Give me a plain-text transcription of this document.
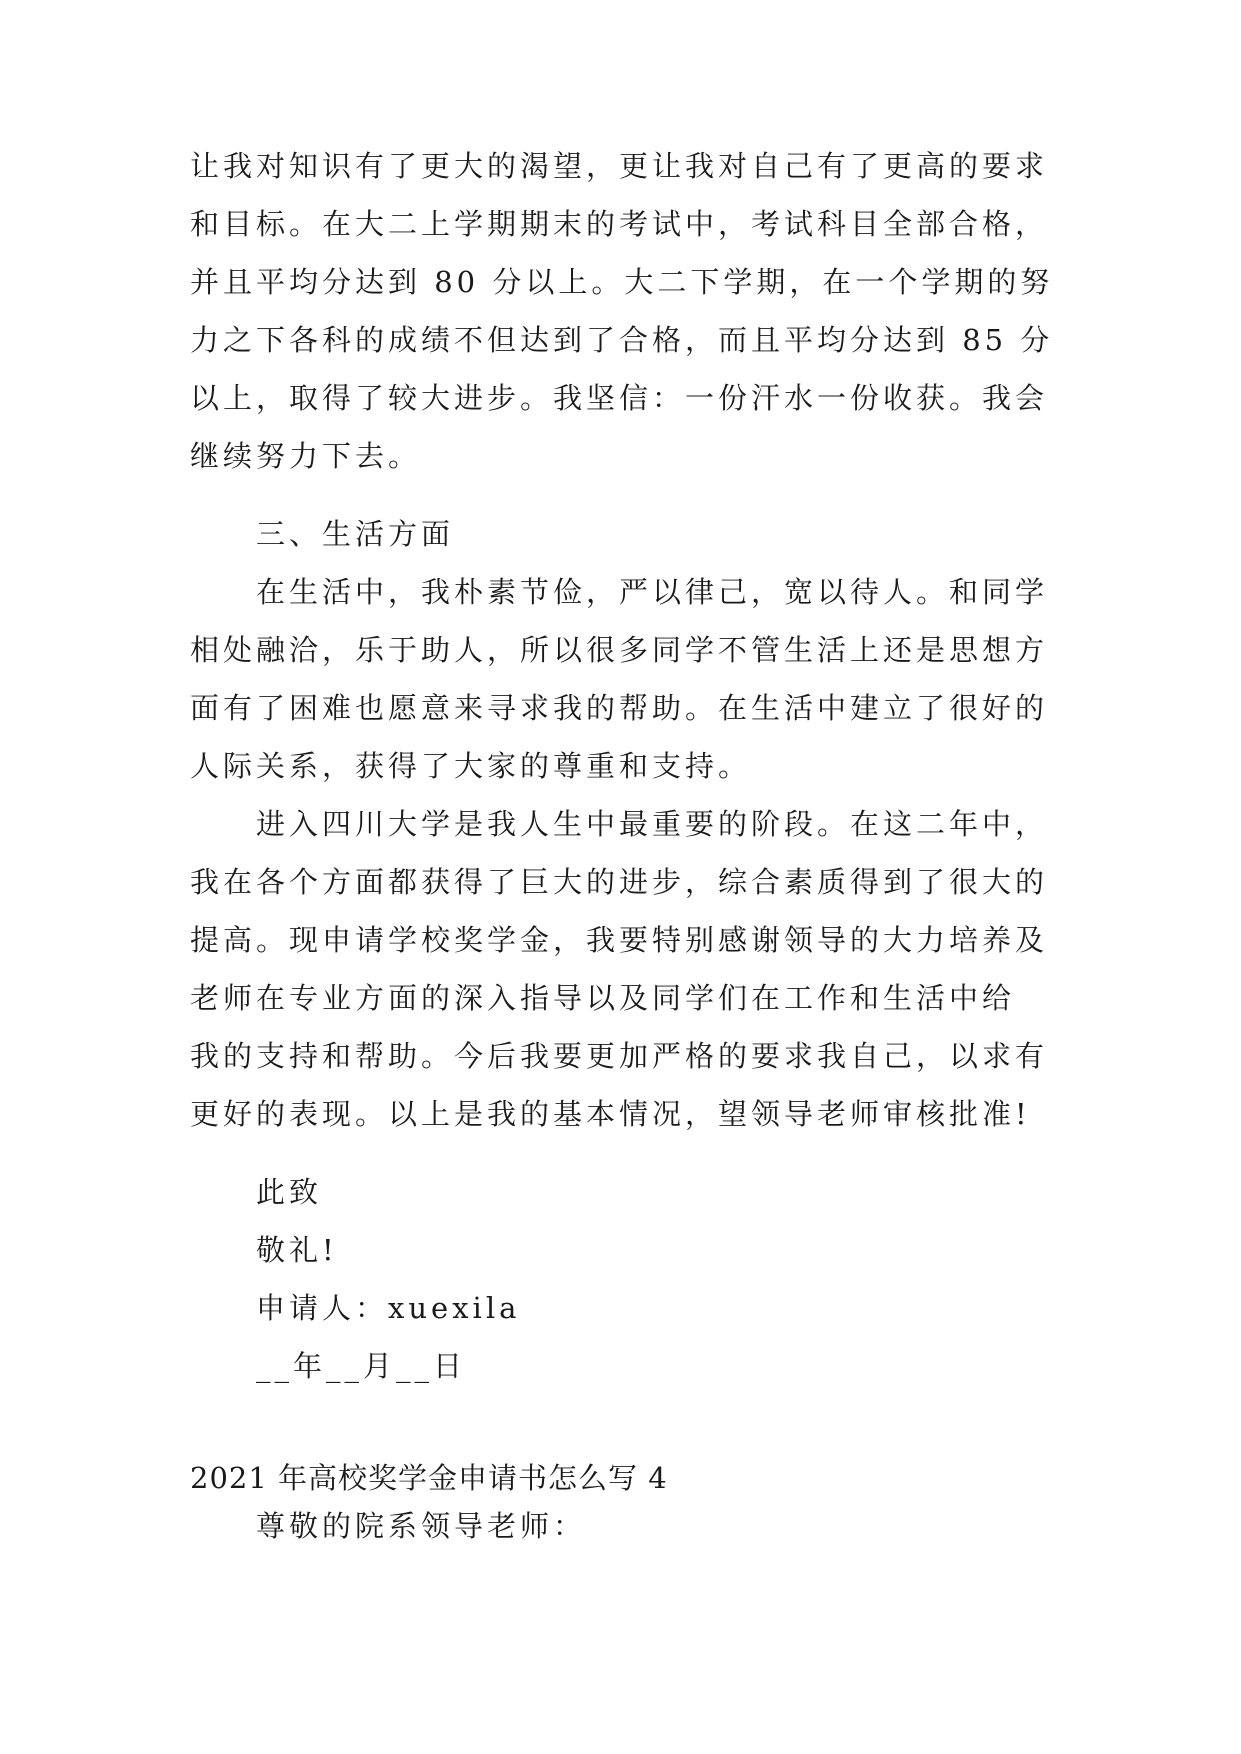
让我对知识有了更大的渴望，更让我对自己有了更高的要求
和目标。在大二上学期期末的考试中，考试科目全部合格，
并且平均分达到 80 分以上。大二下学期，在一个学期的努
力之下各科的成绩不但达到了合格，而且平均分达到 85 分
以上，取得了较大进步。我坚信：一份汗水一份收获。我会
继续努力下去。
三、生活方面
在生活中，我朴素节俭，严以律己，宽以待人。和同学
相处融洽，乐于助人，所以很多同学不管生活上还是思想方
面有了困难也愿意来寻求我的帮助。在生活中建立了很好的
人际关系，获得了大家的尊重和支持。
进入四川大学是我人生中最重要的阶段。在这二年中，
我在各个方面都获得了巨大的进步，综合素质得到了很大的
提高。现申请学校奖学金，我要特别感谢领导的大力培养及
老师在专业方面的深入指导以及同学们在工作和生活中给
我的支持和帮助。今后我要更加严格的要求我自己，以求有
更好的表现。以上是我的基本情况，望领导老师审核批准!
此致
敬礼!
申请人：xuexila
__年__月__日
2021 年高校奖学金申请书怎么写 4
尊敬的院系领导老师：
